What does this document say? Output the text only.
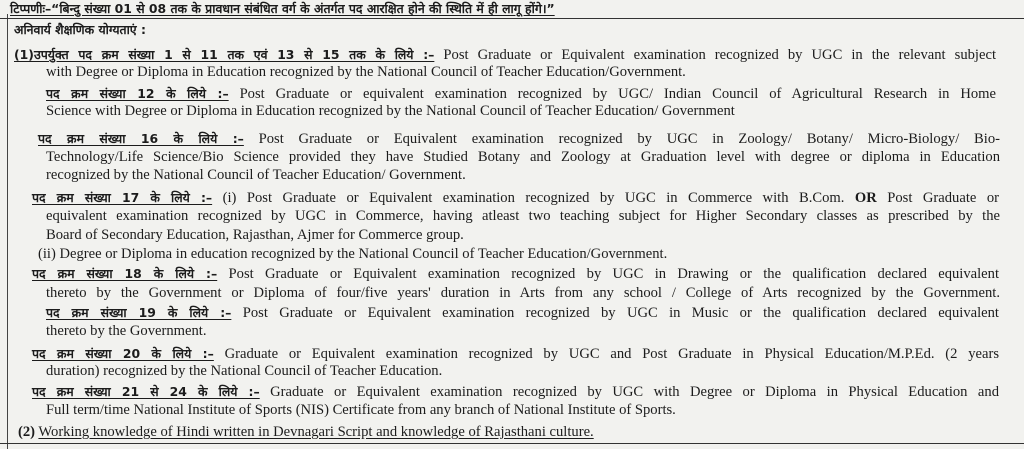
टिप्पणीः–“बिन्दु संख्या 01 से 08 तक के प्रावधान संबंधित वर्ग के अंतर्गत पद आरक्षित होने की स्थिति में ही लागू होंगे।”
अनिवार्य शैक्षणिक योग्यताएं :
(1)उपर्युक्त पद क्रम संख्या 1 से 11 तक एवं 13 से 15 तक के लिये :– Post Graduate or Equivalent examination recognized by UGC in the relevant subject
with Degree or Diploma in Education recognized by the National Council of Teacher Education/Government.
पद क्रम संख्या 12 के लिये :– Post Graduate or equivalent examination recognized by UGC/ Indian Council of Agricultural Research in Home
Science with Degree or Diploma in Education recognized by the National Council of Teacher Education/ Government
पद क्रम संख्या 16 के लिये :– Post Graduate or Equivalent examination recognized by UGC in Zoology/ Botany/ Micro-Biology/ Bio-
Technology/Life Science/Bio Science provided they have Studied Botany and Zoology at Graduation level with degree or diploma in Education
recognized by the National Council of Teacher Education/ Government.
पद क्रम संख्या 17 के लिये :– (i) Post Graduate or Equivalent examination recognized by UGC in Commerce with B.Com. OR Post Graduate or
equivalent examination recognized by UGC in Commerce, having atleast two teaching subject for Higher Secondary classes as prescribed by the
Board of Secondary Education, Rajasthan, Ajmer for Commerce group.
(ii) Degree or Diploma in education recognized by the National Council of Teacher Education/Government.
पद क्रम संख्या 18 के लिये :– Post Graduate or Equivalent examination recognized by UGC in Drawing or the qualification declared equivalent
thereto by the Government or Diploma of four/five years' duration in Arts from any school / College of Arts recognized by the Government.
पद क्रम संख्या 19 के लिये :– Post Graduate or Equivalent examination recognized by UGC in Music or the qualification declared equivalent
thereto by the Government.
पद क्रम संख्या 20 के लिये :– Graduate or Equivalent examination recognized by UGC and Post Graduate in Physical Education/M.P.Ed. (2 years
duration) recognized by the National Council of Teacher Education.
पद क्रम संख्या 21 से 24 के लिये :– Graduate or Equivalent examination recognized by UGC with Degree or Diploma in Physical Education and
Full term/time National Institute of Sports (NIS) Certificate from any branch of National Institute of Sports.
(2) Working knowledge of Hindi written in Devnagari Script and knowledge of Rajasthani culture.
